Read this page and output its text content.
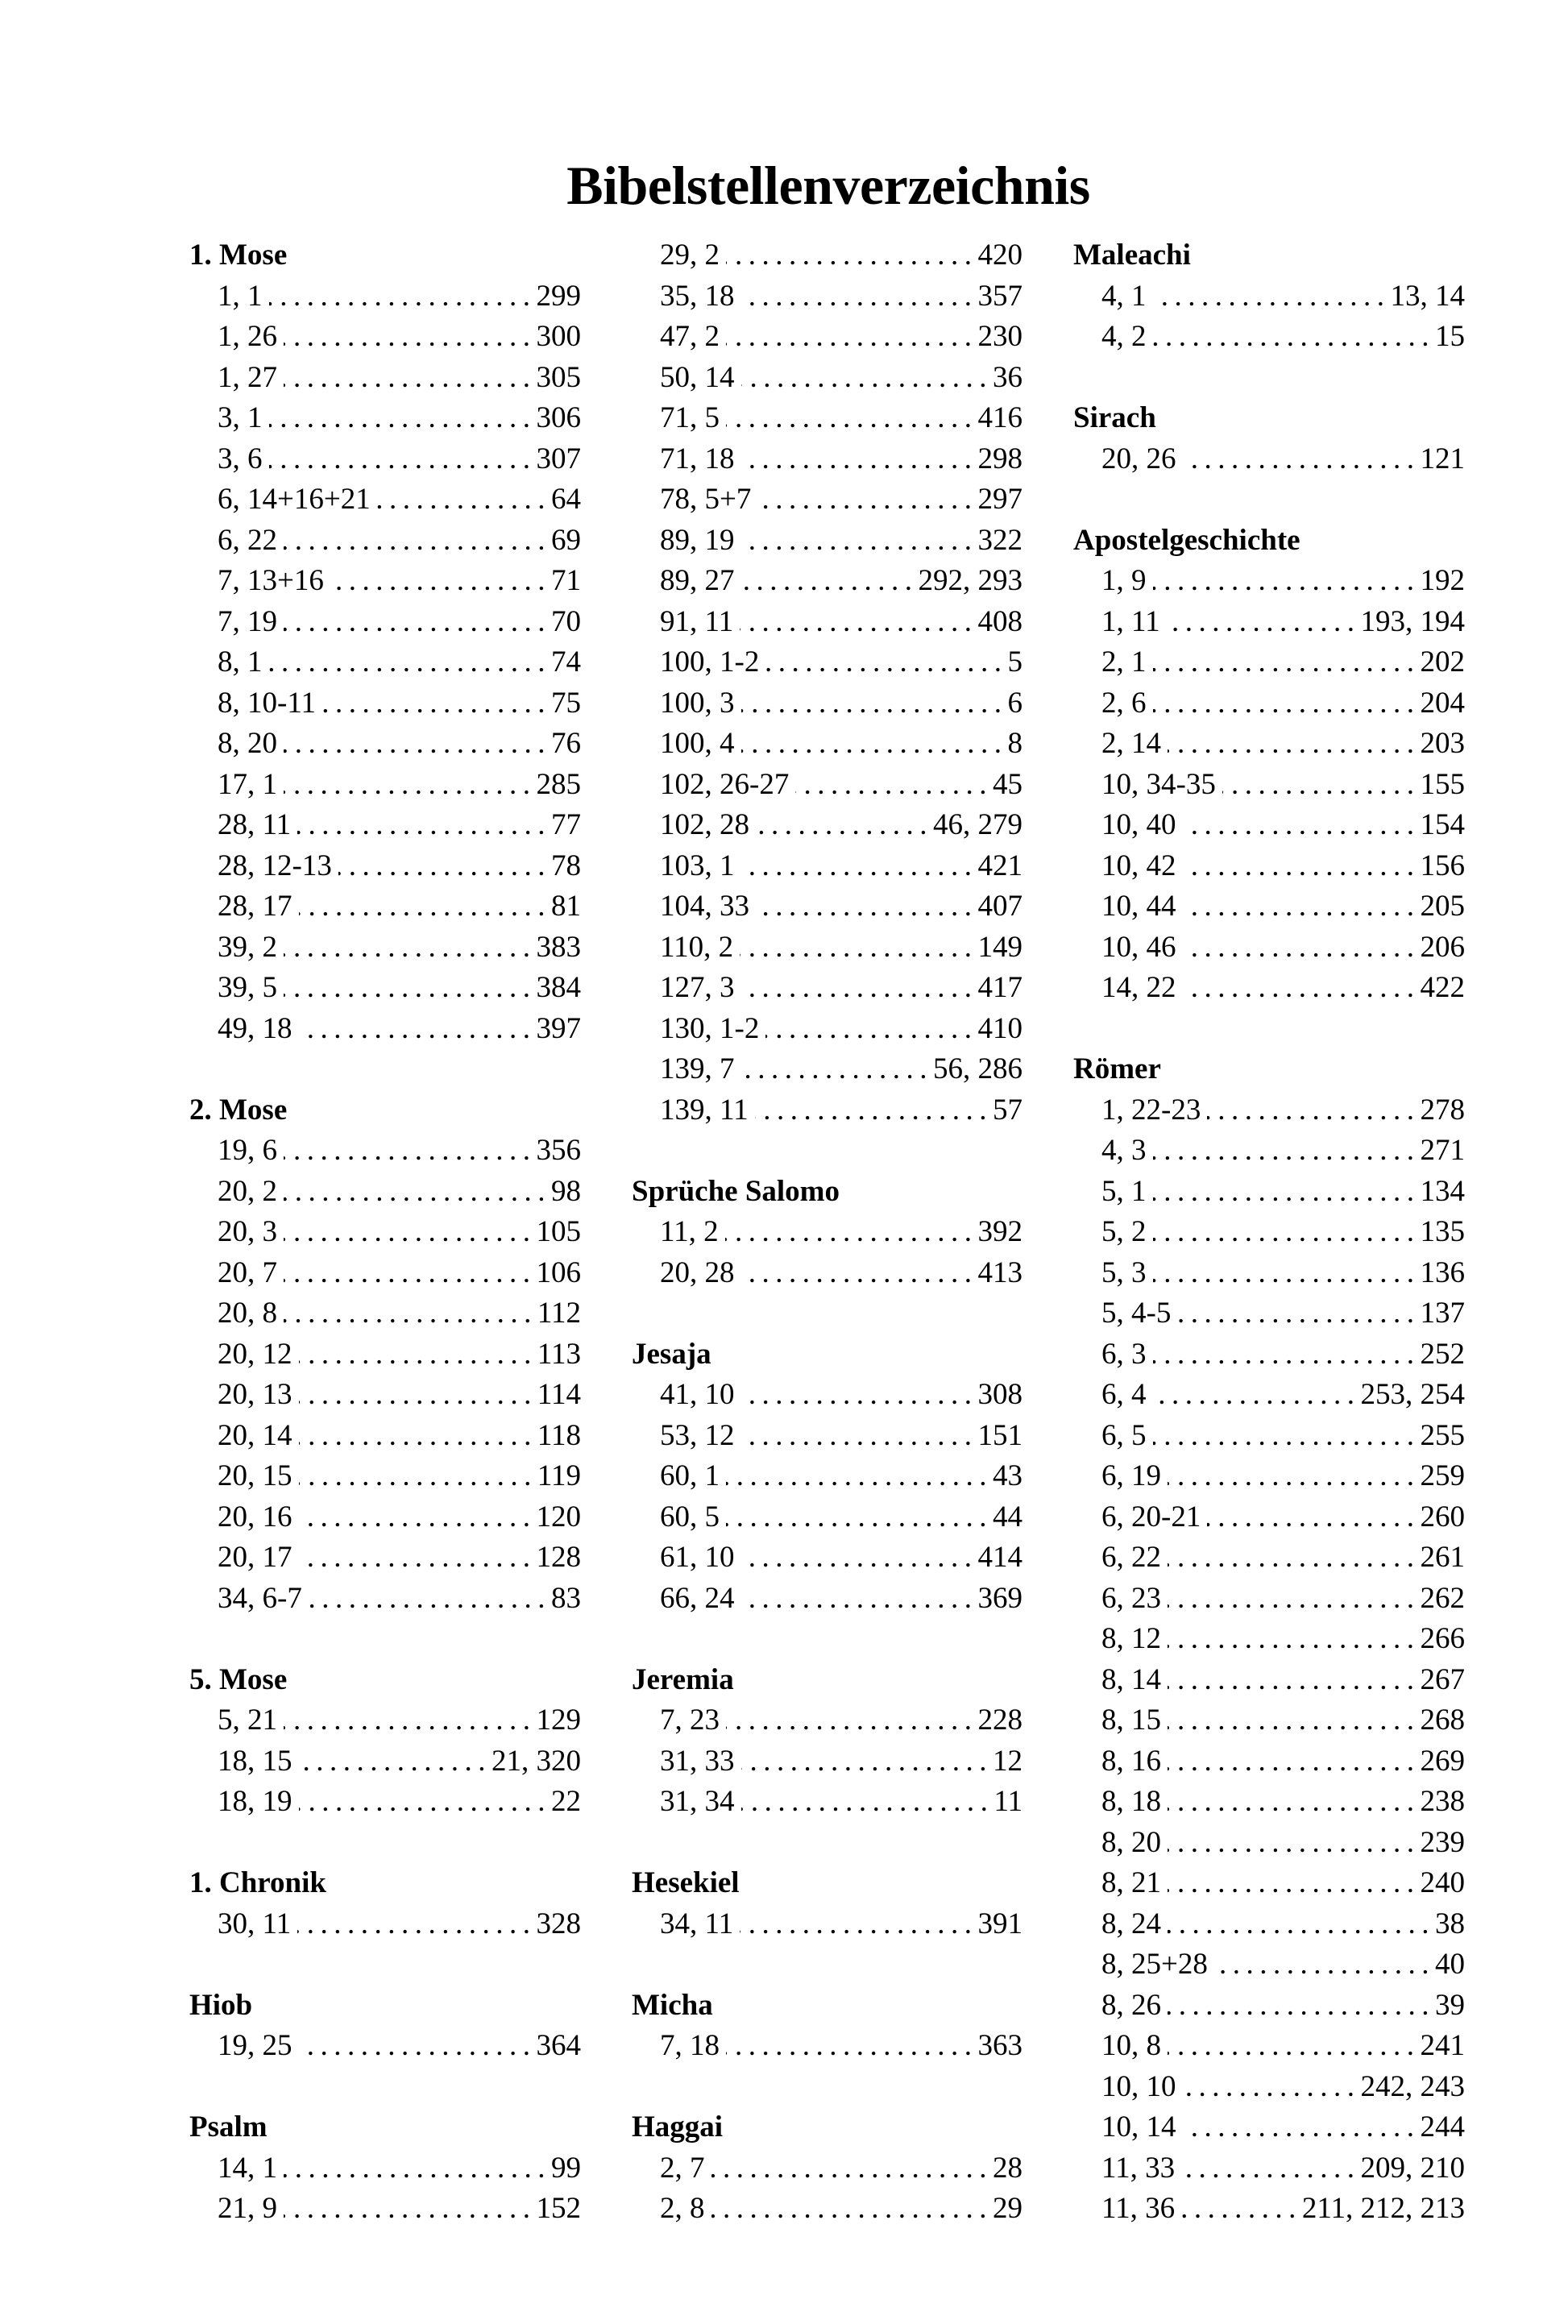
Bibelstellenverzeichnis
1. Mose
1, 1 .....	299
1, 26 .....	300
1, 27 .....	305
3, 1 .....	306
3, 6 .....	307
6, 14+16+21 .....	64
6, 22 .....	69
7, 13+16 .....	71
7, 19 .....	70
8, 1 .....	74
8, 10-11 .....	75
8, 20 .....	76
17, 1 .....	285
28, 11 .....	77
28, 12-13 .....	78
28, 17 .....	81
39, 2 .....	383
39, 5 .....	384
49, 18 .....	397
2. Mose
19, 6 .....	356
20, 2 .....	98
20, 3 .....	105
20, 7 .....	106
20, 8 .....	112
20, 12 .....	113
20, 13 .....	114
20, 14 .....	118
20, 15 .....	119
20, 16 .....	120
20, 17 .....	128
34, 6-7 .....	83
5. Mose
5, 21 .....	129
18, 15 .....	21, 320
18, 19 .....	22
1. Chronik
30, 11 .....	328
Hiob
19, 25 .....	364
Psalm
14, 1 .....	99
21, 9 .....	152
29, 2 .....	420
35, 18 .....	357
47, 2 .....	230
50, 14 .....	36
71, 5 .....	416
71, 18 .....	298
78, 5+7 .....	297
89, 19 .....	322
89, 27 .....	292, 293
91, 11 .....	408
100, 1-2 .....	5
100, 3 .....	6
100, 4 .....	8
102, 26-27 .....	45
102, 28 .....	46, 279
103, 1 .....	421
104, 33 .....	407
110, 2 .....	149
127, 3 .....	417
130, 1-2 .....	410
139, 7 .....	56, 286
139, 11 .....	57
Sprüche Salomo
11, 2 .....	392
20, 28 .....	413
Jesaja
41, 10 .....	308
53, 12 .....	151
60, 1 .....	43
60, 5 .....	44
61, 10 .....	414
66, 24 .....	369
Jeremia
7, 23 .....	228
31, 33 .....	12
31, 34 .....	11
Hesekiel
34, 11 .....	391
Micha
7, 18 .....	363
Haggai
2, 7 .....	28
2, 8 .....	29
Maleachi
4, 1 .....	13, 14
4, 2 .....	15
Sirach
20, 26 .....	121
Apostelgeschichte
1, 9 .....	192
1, 11 .....	193, 194
2, 1 .....	202
2, 6 .....	204
2, 14 .....	203
10, 34-35 .....	155
10, 40 .....	154
10, 42 .....	156
10, 44 .....	205
10, 46 .....	206
14, 22 .....	422
Römer
1, 22-23 .....	278
4, 3 .....	271
5, 1 .....	134
5, 2 .....	135
5, 3 .....	136
5, 4-5 .....	137
6, 3 .....	252
6, 4 .....	253, 254
6, 5 .....	255
6, 19 .....	259
6, 20-21 .....	260
6, 22 .....	261
6, 23 .....	262
8, 12 .....	266
8, 14 .....	267
8, 15 .....	268
8, 16 .....	269
8, 18 .....	238
8, 20 .....	239
8, 21 .....	240
8, 24 .....	38
8, 25+28 .....	40
8, 26 .....	39
10, 8 .....	241
10, 10 .....	242, 243
10, 14 .....	244
11, 33 .....	209, 210
11, 36 .....	211, 212, 213
